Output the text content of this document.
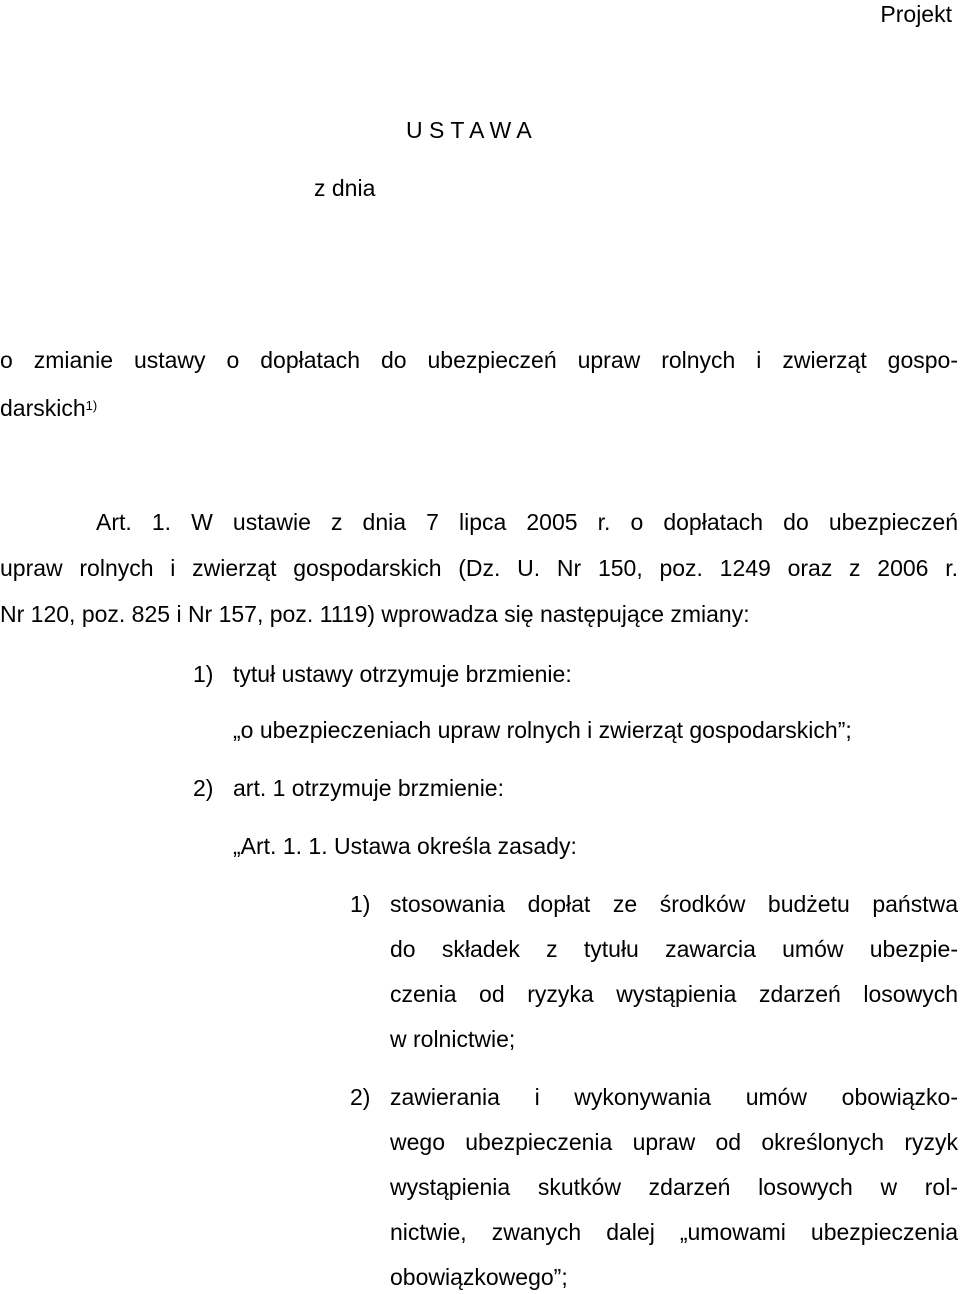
Projekt

U S T A W A

z dnia

o zmianie ustawy o dopłatach do ubezpieczeń upraw rolnych i zwierząt gospo-

darskich$^{1)}$

Art. 1. W ustawie z dnia 7 lipca 2005 r. o dopłatach do ubezpieczeń

upraw rolnych i zwierząt gospodarskich (Dz. U. Nr 150, poz. 1249 oraz z 2006 r.

Nr 120, poz. 825 i Nr 157, poz. 1119) wprowadza się następujące zmiany:

1) tytuł ustawy otrzymuje brzmienie:

„o ubezpieczeniach upraw rolnych i zwierząt gospodarskich”;

2) art. 1 otrzymuje brzmienie:

„Art. 1. 1. Ustawa określa zasady:

1) stosowania dopłat ze środków budżetu państwa

do składek z tytułu zawarcia umów ubezpie-

czenia od ryzyka wystąpienia zdarzeń losowych

w rolnictwie;

2) zawierania i wykonywania umów obowiązko-

wego ubezpieczenia upraw od określonych ryzyk

wystąpienia skutków zdarzeń losowych w rol-

nictwie, zwanych dalej „umowami ubezpieczenia

obowiązkowego”;
